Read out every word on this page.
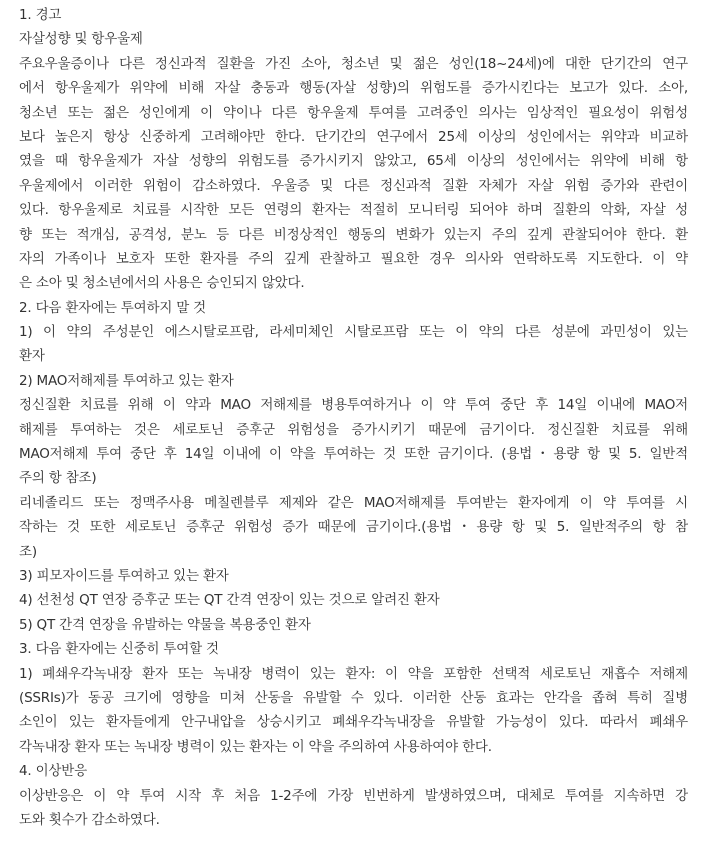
1. 경고
자살성향 및 항우울제
주요우울증이나 다른 정신과적 질환을 가진 소아, 청소년 및 젊은 성인(18~24세)에 대한 단기간의 연구
에서 항우울제가 위약에 비해 자살 충동과 행동(자살 성향)의 위험도를 증가시킨다는 보고가 있다. 소아,
청소년 또는 젊은 성인에게 이 약이나 다른 항우울제 투여를 고려중인 의사는 임상적인 필요성이 위험성
보다 높은지 항상 신중하게 고려해야만 한다. 단기간의 연구에서 25세 이상의 성인에서는 위약과 비교하
였을 때 항우울제가 자살 성향의 위험도를 증가시키지 않았고, 65세 이상의 성인에서는 위약에 비해 항
우울제에서 이러한 위험이 감소하였다. 우울증 및 다른 정신과적 질환 자체가 자살 위험 증가와 관련이
있다. 항우울제로 치료를 시작한 모든 연령의 환자는 적절히 모니터링 되어야 하며 질환의 악화, 자살 성
향 또는 적개심, 공격성, 분노 등 다른 비정상적인 행동의 변화가 있는지 주의 깊게 관찰되어야 한다. 환
자의 가족이나 보호자 또한 환자를 주의 깊게 관찰하고 필요한 경우 의사와 연락하도록 지도한다. 이 약
은 소아 및 청소년에서의 사용은 승인되지 않았다.
2. 다음 환자에는 투여하지 말 것
1) 이 약의 주성분인 에스시탈로프람, 라세미체인 시탈로프람 또는 이 약의 다른 성분에 과민성이 있는
환자
2) MAO저해제를 투여하고 있는 환자
정신질환 치료를 위해 이 약과 MAO 저해제를 병용투여하거나 이 약 투여 중단 후 14일 이내에 MAO저
해제를 투여하는 것은 세로토닌 증후군 위험성을 증가시키기 때문에 금기이다. 정신질환 치료를 위해
MAO저해제 투여 중단 후 14일 이내에 이 약을 투여하는 것 또한 금기이다. (용법・용량 항 및 5. 일반적
주의 항 참조)
리네졸리드 또는 정맥주사용 메칠렌블루 제제와 같은 MAO저해제를 투여받는 환자에게 이 약 투여를 시
작하는 것 또한 세로토닌 증후군 위험성 증가 때문에 금기이다.(용법・용량 항 및 5. 일반적주의 항 참
조)
3) 피모자이드를 투여하고 있는 환자
4) 선천성 QT 연장 증후군 또는 QT 간격 연장이 있는 것으로 알려진 환자
5) QT 간격 연장을 유발하는 약물을 복용중인 환자
3. 다음 환자에는 신중히 투여할 것
1) 폐쇄우각녹내장 환자 또는 녹내장 병력이 있는 환자: 이 약을 포함한 선택적 세로토닌 재흡수 저해제
(SSRIs)가 동공 크기에 영향을 미쳐 산동을 유발할 수 있다. 이러한 산동 효과는 안각을 좁혀 특히 질병
소인이 있는 환자들에게 안구내압을 상승시키고 폐쇄우각녹내장을 유발할 가능성이 있다. 따라서 폐쇄우
각녹내장 환자 또는 녹내장 병력이 있는 환자는 이 약을 주의하여 사용하여야 한다.
4. 이상반응
이상반응은 이 약 투여 시작 후 처음 1-2주에 가장 빈번하게 발생하였으며, 대체로 투여를 지속하면 강
도와 횟수가 감소하였다.
